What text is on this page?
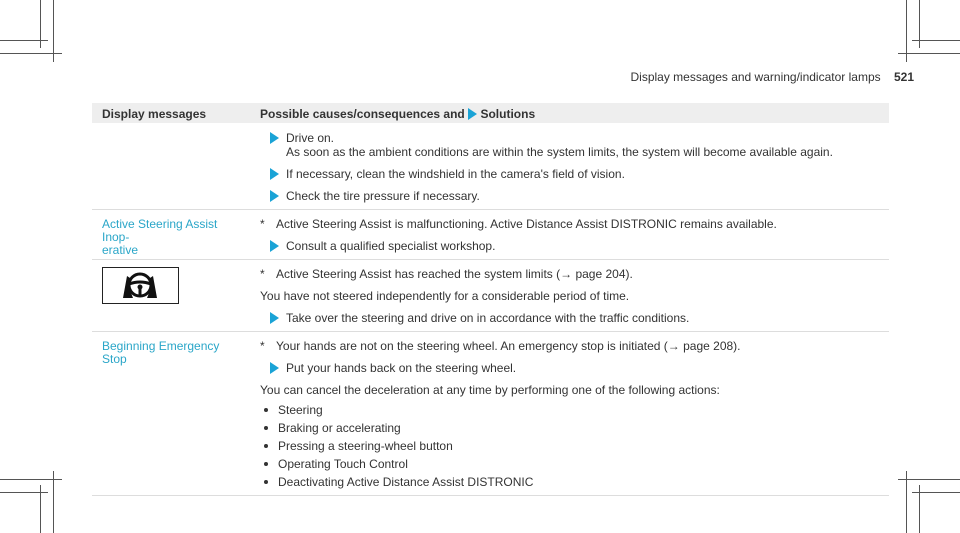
Display messages and warning/indicator lamps 521
Display messages	Possible causes/consequences and Solutions
Drive on.
As soon as the ambient conditions are within the system limits, the system will become available again.
If necessary, clean the windshield in the camera's field of vision.
Check the tire pressure if necessary.
Active Steering Assist Inop-
erative
* Active Steering Assist is malfunctioning. Active Distance Assist DISTRONIC remains available.
Consult a qualified specialist workshop.
* Active Steering Assist has reached the system limits (→ page 204).
You have not steered independently for a considerable period of time.
Take over the steering and drive on in accordance with the traffic conditions.
Beginning Emergency Stop
* Your hands are not on the steering wheel. An emergency stop is initiated (→ page 208).
Put your hands back on the steering wheel.
You can cancel the deceleration at any time by performing one of the following actions:
Steering
Braking or accelerating
Pressing a steering-wheel button
Operating Touch Control
Deactivating Active Distance Assist DISTRONIC
